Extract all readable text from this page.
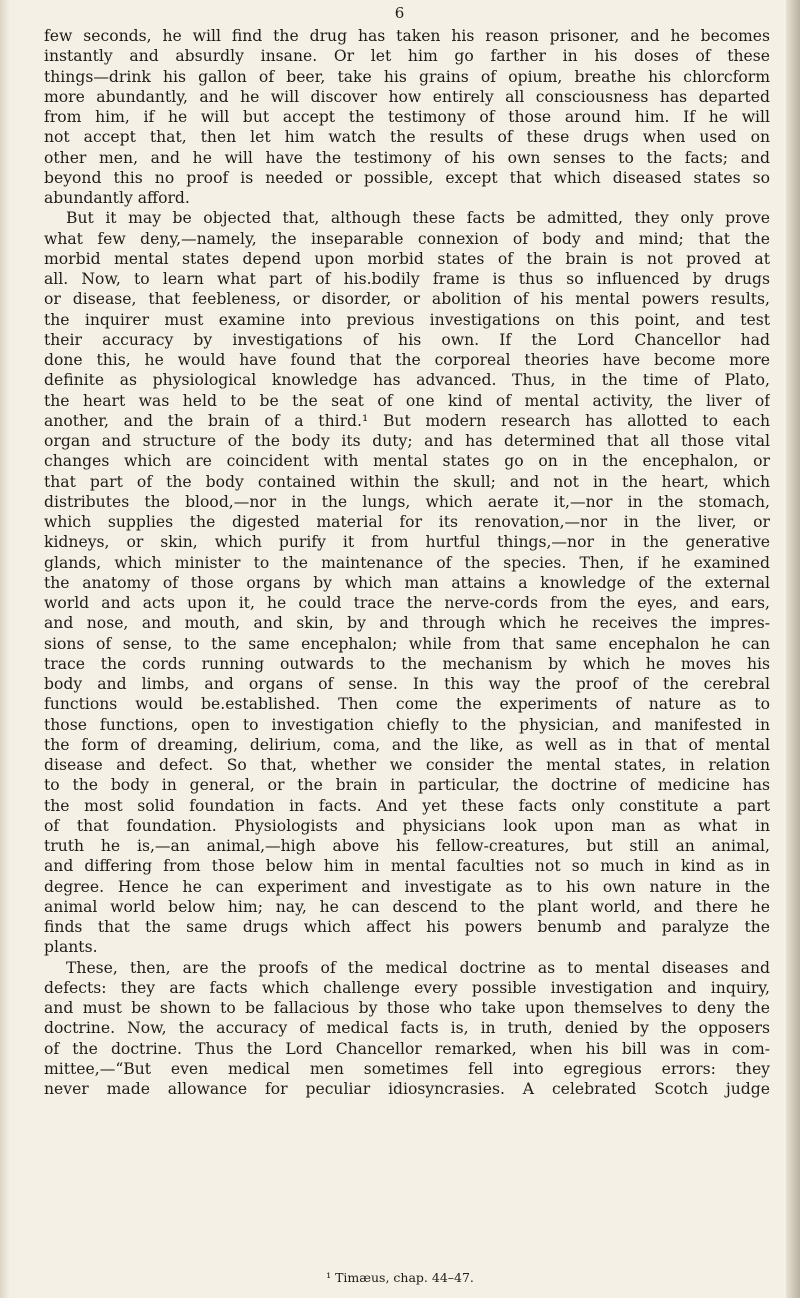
6
few seconds, he will find the drug has taken his reason prisoner, and he becomes
instantly and absurdly insane. Or let him go farther in his doses of these
things—drink his gallon of beer, take his grains of opium, breathe his chlorcform
more abundantly, and he will discover how entirely all consciousness has departed
from him, if he will but accept the testimony of those around him. If he will
not accept that, then let him watch the results of these drugs when used on
other men, and he will have the testimony of his own senses to the facts; and
beyond this no proof is needed or possible, except that which diseased states so
abundantly afford.
But it may be objected that, although these facts be admitted, they only prove
what few deny,—namely, the inseparable connexion of body and mind; that the
morbid mental states depend upon morbid states of the brain is not proved at
all. Now, to learn what part of his.bodily frame is thus so influenced by drugs
or disease, that feebleness, or disorder, or abolition of his mental powers results,
the inquirer must examine into previous investigations on this point, and test
their accuracy by investigations of his own. If the Lord Chancellor had
done this, he would have found that the corporeal theories have become more
definite as physiological knowledge has advanced. Thus, in the time of Plato,
the heart was held to be the seat of one kind of mental activity, the liver of
another, and the brain of a third.¹ But modern research has allotted to each
organ and structure of the body its duty; and has determined that all those vital
changes which are coincident with mental states go on in the encephalon, or
that part of the body contained within the skull; and not in the heart, which
distributes the blood,—nor in the lungs, which aerate it,—nor in the stomach,
which supplies the digested material for its renovation,—nor in the liver, or
kidneys, or skin, which purify it from hurtful things,—nor in the generative
glands, which minister to the maintenance of the species. Then, if he examined
the anatomy of those organs by which man attains a knowledge of the external
world and acts upon it, he could trace the nerve-cords from the eyes, and ears,
and nose, and mouth, and skin, by and through which he receives the impres-
sions of sense, to the same encephalon; while from that same encephalon he can
trace the cords running outwards to the mechanism by which he moves his
body and limbs, and organs of sense. In this way the proof of the cerebral
functions would be.established. Then come the experiments of nature as to
those functions, open to investigation chiefly to the physician, and manifested in
the form of dreaming, delirium, coma, and the like, as well as in that of mental
disease and defect. So that, whether we consider the mental states, in relation
to the body in general, or the brain in particular, the doctrine of medicine has
the most solid foundation in facts. And yet these facts only constitute a part
of that foundation. Physiologists and physicians look upon man as what in
truth he is,—an animal,—high above his fellow-creatures, but still an animal,
and differing from those below him in mental faculties not so much in kind as in
degree. Hence he can experiment and investigate as to his own nature in the
animal world below him; nay, he can descend to the plant world, and there he
finds that the same drugs which affect his powers benumb and paralyze the
plants.
These, then, are the proofs of the medical doctrine as to mental diseases and
defects: they are facts which challenge every possible investigation and inquiry,
and must be shown to be fallacious by those who take upon themselves to deny the
doctrine. Now, the accuracy of medical facts is, in truth, denied by the opposers
of the doctrine. Thus the Lord Chancellor remarked, when his bill was in com-
mittee,—“But even medical men sometimes fell into egregious errors: they
never made allowance for peculiar idiosyncrasies. A celebrated Scotch judge
¹ Timæus, chap. 44–47.
